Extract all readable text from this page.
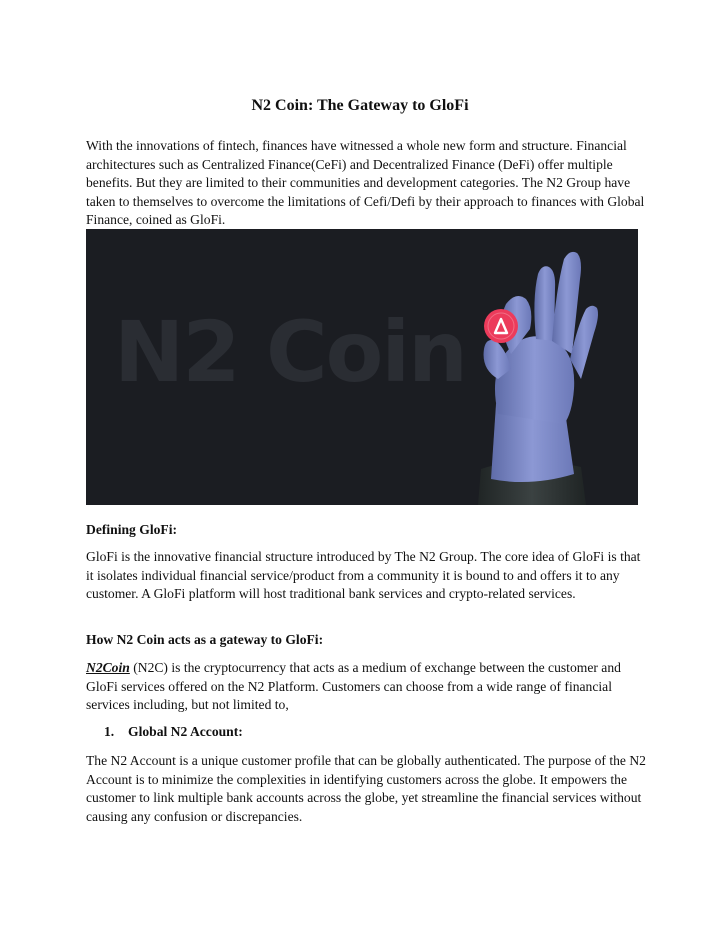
N2 Coin: The Gateway to GloFi

With the innovations of fintech, finances have witnessed a whole new form and structure. Financial architectures such as Centralized Finance(CeFi) and Decentralized Finance (DeFi) offer multiple benefits. But they are limited to their communities and development categories. The N2 Group have taken to themselves to overcome the limitations of Cefi/Defi by their approach to finances with Global Finance, coined as GloFi.

N2 Coin

Defining GloFi:

GloFi is the innovative financial structure introduced by The N2 Group. The core idea of GloFi is that it isolates individual financial service/product from a community it is bound to and offers it to any customer. A GloFi platform will host traditional bank services and crypto-related services.

How N2 Coin acts as a gateway to GloFi:

N2Coin (N2C) is the cryptocurrency that acts as a medium of exchange between the customer and GloFi services offered on the N2 Platform. Customers can choose from a wide range of financial services including, but not limited to,

1. Global N2 Account:

The N2 Account is a unique customer profile that can be globally authenticated. The purpose of the N2 Account is to minimize the complexities in identifying customers across the globe. It empowers the customer to link multiple bank accounts across the globe, yet streamline the financial services without causing any confusion or discrepancies.
